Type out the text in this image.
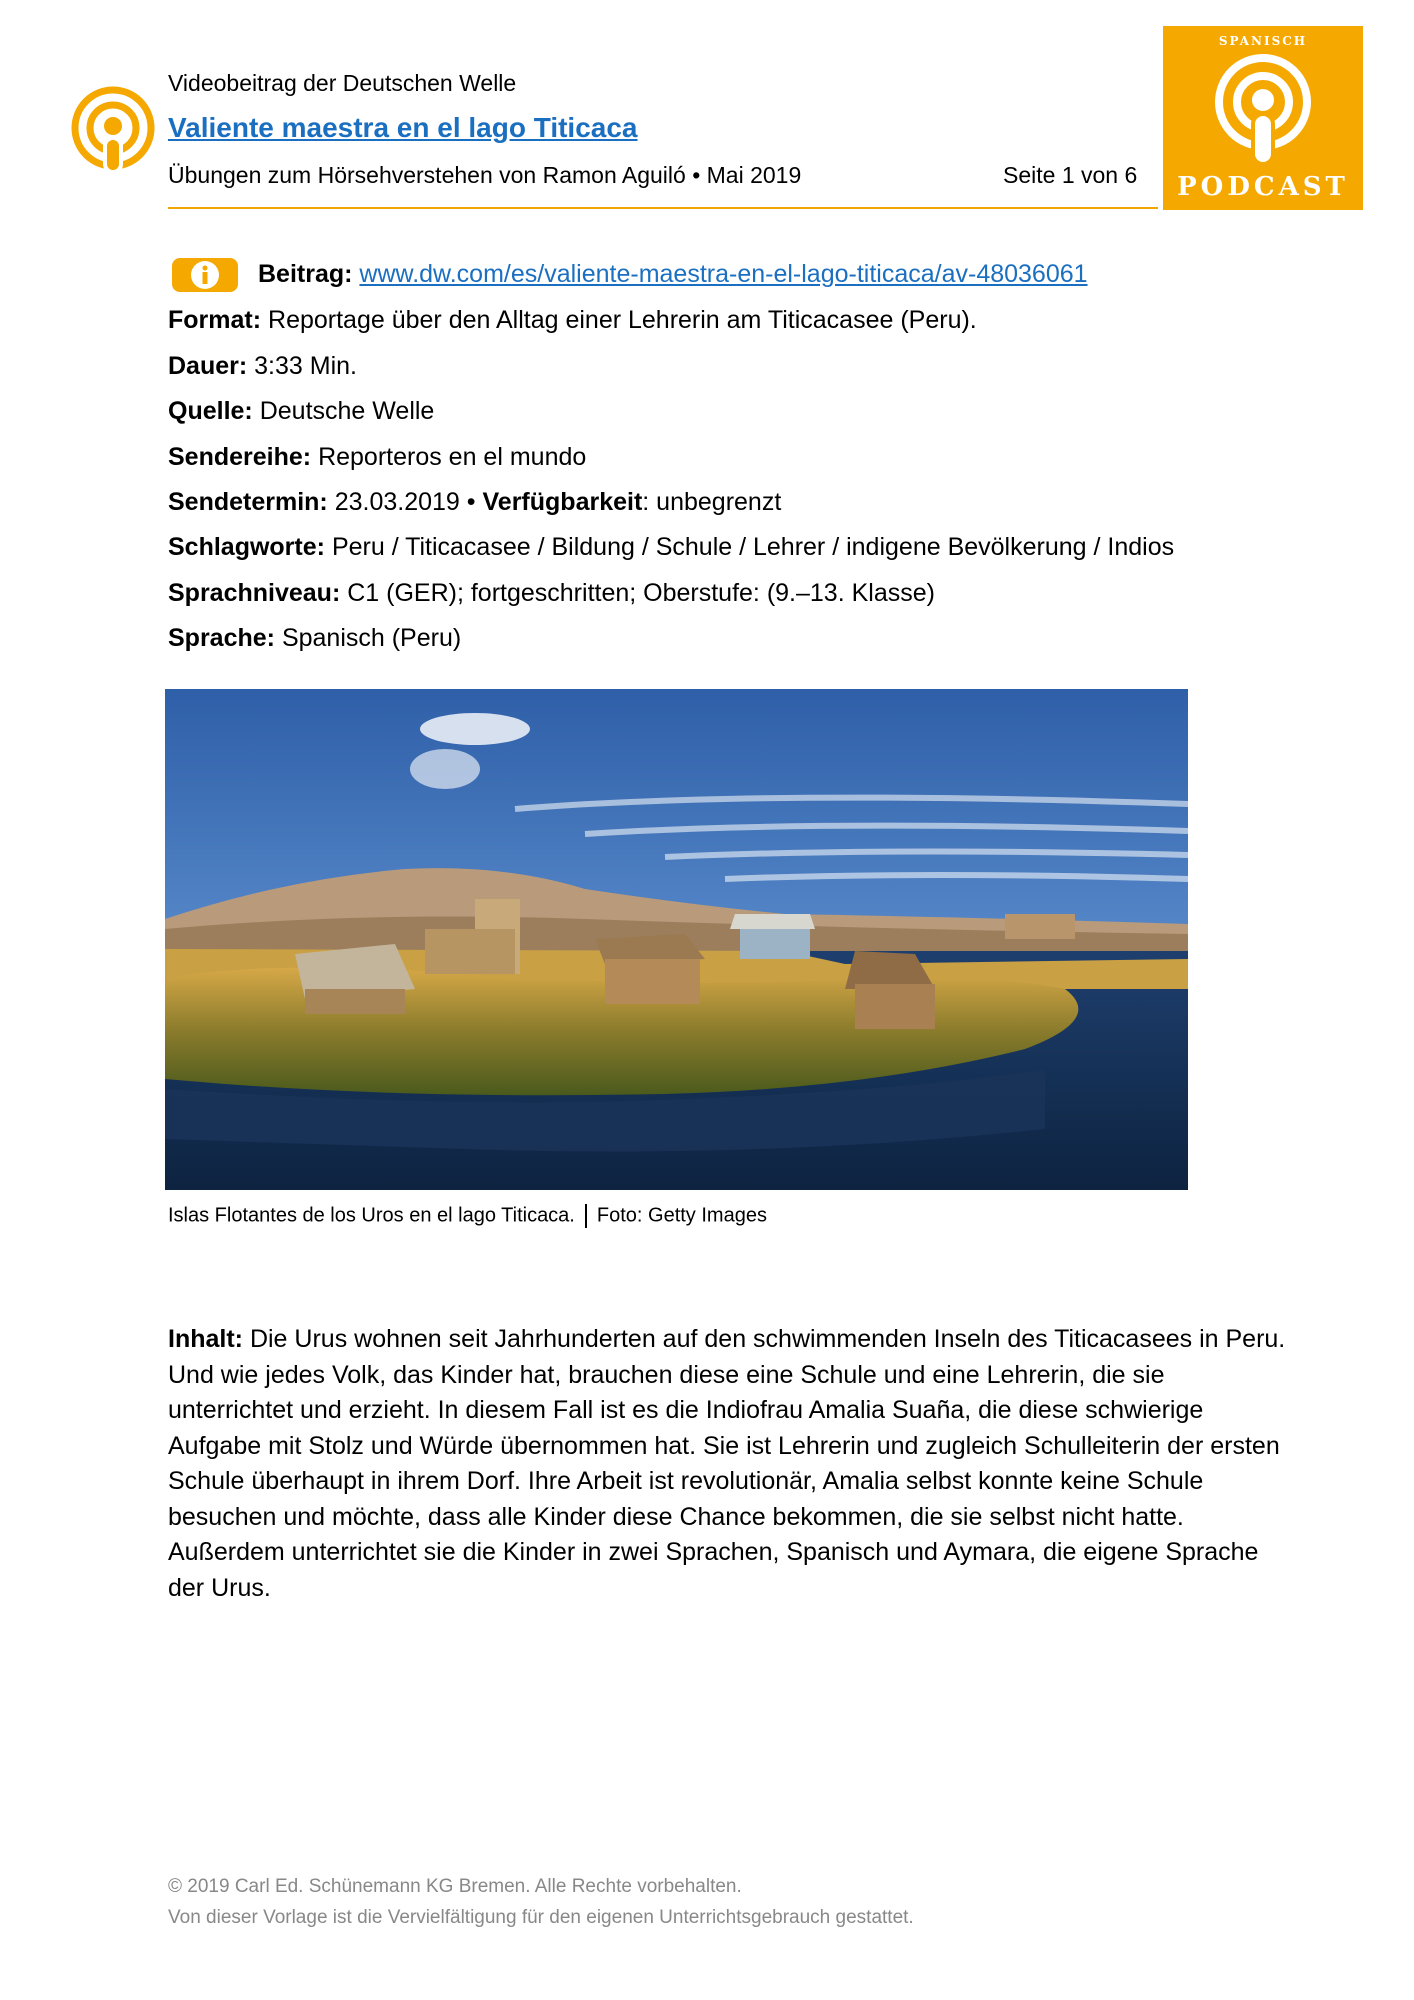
Videobeitrag der Deutschen Welle
Valiente maestra en el lago Titicaca
Übungen zum Hörsehverstehen von Ramon Aguiló • Mai 2019	Seite 1 von 6
SPANISCH
PODCAST
Beitrag: www.dw.com/es/valiente-maestra-en-el-lago-titicaca/av-48036061
Format: Reportage über den Alltag einer Lehrerin am Titicacasee (Peru).
Dauer: 3:33 Min.
Quelle: Deutsche Welle
Sendereihe: Reporteros en el mundo
Sendetermin: 23.03.2019 • Verfügbarkeit: unbegrenzt
Schlagworte: Peru / Titicacasee / Bildung / Schule / Lehrer / indigene Bevölkerung / Indios
Sprachniveau: C1 (GER); fortgeschritten; Oberstufe: (9.–13. Klasse)
Sprache: Spanisch (Peru)
Islas Flotantes de los Uros en el lago Titicaca. Foto: Getty Images
Inhalt: Die Urus wohnen seit Jahrhunderten auf den schwimmenden Inseln des Titicacasees in Peru. Und wie jedes Volk, das Kinder hat, brauchen diese eine Schule und eine Lehrerin, die sie unterrichtet und erzieht. In diesem Fall ist es die Indiofrau Amalia Suaña, die diese schwierige Aufgabe mit Stolz und Würde übernommen hat. Sie ist Lehrerin und zugleich Schulleiterin der ersten Schule überhaupt in ihrem Dorf. Ihre Arbeit ist revolutionär, Amalia selbst konnte keine Schule besuchen und möchte, dass alle Kinder diese Chance bekommen, die sie selbst nicht hatte. Außerdem unterrichtet sie die Kinder in zwei Sprachen, Spanisch und Aymara, die eigene Sprache der Urus.
© 2019 Carl Ed. Schünemann KG Bremen. Alle Rechte vorbehalten.
Von dieser Vorlage ist die Vervielfältigung für den eigenen Unterrichtsgebrauch gestattet.
